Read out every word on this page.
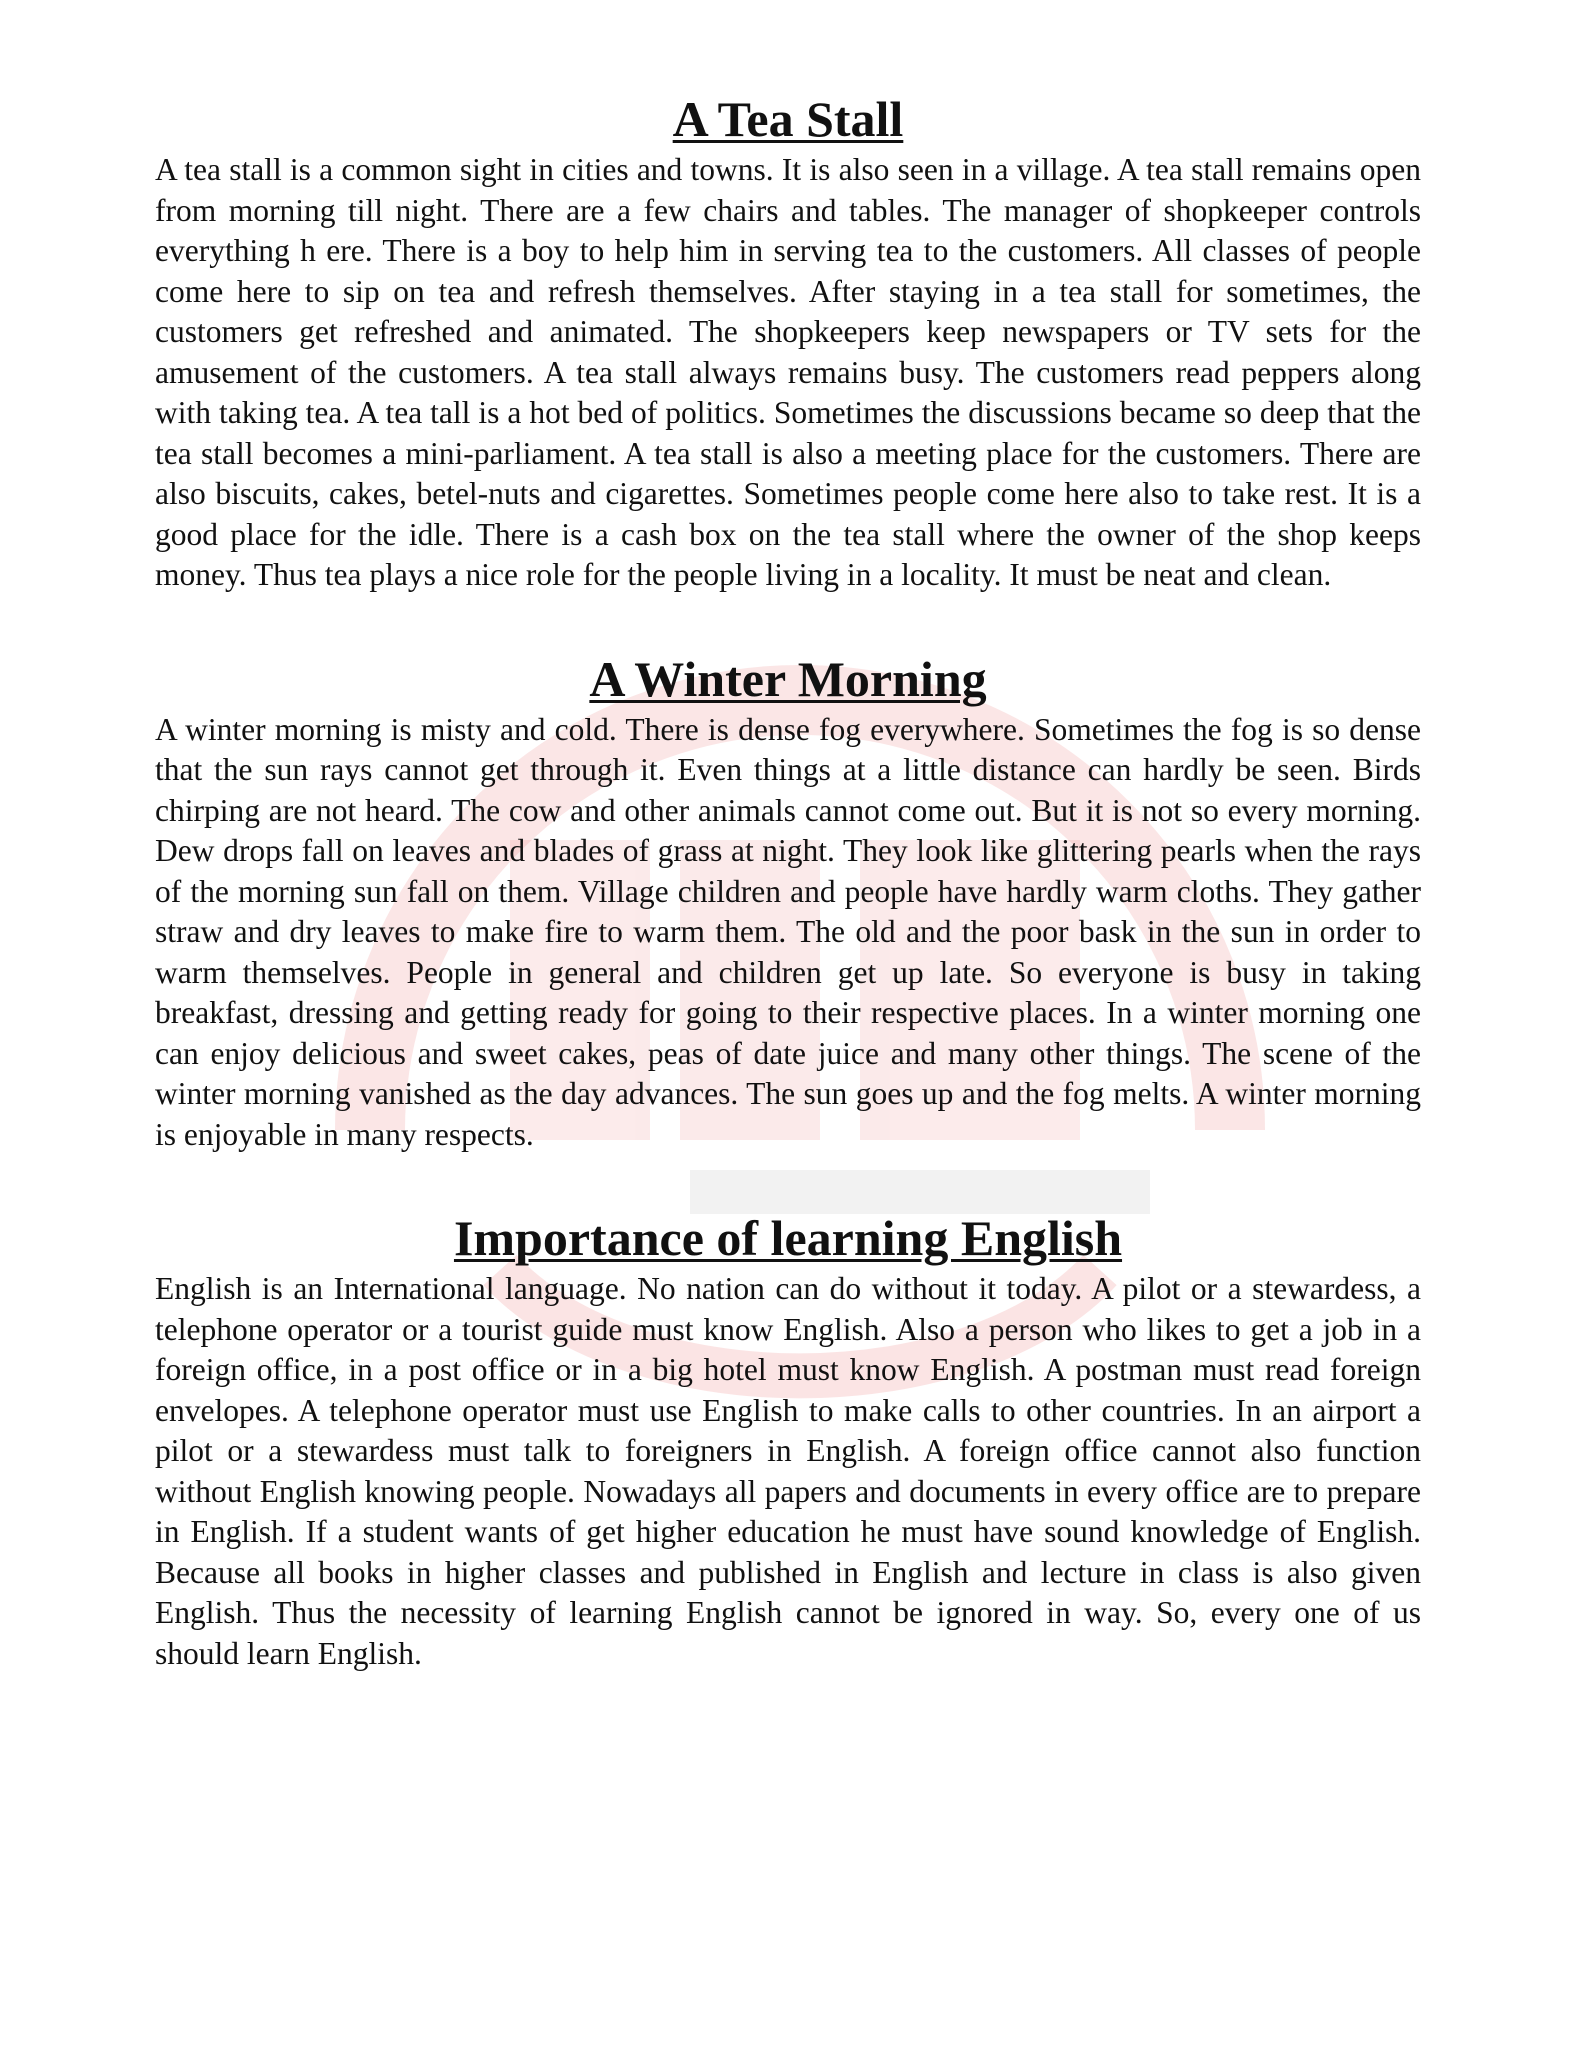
A Tea Stall

A tea stall is a common sight in cities and towns. It is also seen in a village. A tea stall remains open from morning till night. There are a few chairs and tables. The manager of shopkeeper controls everything h ere. There is a boy to help him in serving tea to the customers. All classes of people come here to sip on tea and refresh themselves. After staying in a tea stall for sometimes, the customers get refreshed and animated. The shopkeepers keep newspapers or TV sets for the amusement of the customers. A tea stall always remains busy. The customers read peppers along with taking tea. A tea tall is a hot bed of politics. Sometimes the discussions became so deep that the tea stall becomes a mini-parliament. A tea stall is also a meeting place for the customers. There are also biscuits, cakes, betel-nuts and cigarettes. Sometimes people come here also to take rest. It is a good place for the idle. There is a cash box on the tea stall where the owner of the shop keeps money. Thus tea plays a nice role for the people living in a locality. It must be neat and clean.

A Winter Morning

A winter morning is misty and cold. There is dense fog everywhere. Sometimes the fog is so dense that the sun rays cannot get through it. Even things at a little distance can hardly be seen. Birds chirping are not heard. The cow and other animals cannot come out. But it is not so every morning. Dew drops fall on leaves and blades of grass at night. They look like glittering pearls when the rays of the morning sun fall on them. Village children and people have hardly warm cloths. They gather straw and dry leaves to make fire to warm them. The old and the poor bask in the sun in order to warm themselves. People in general and children get up late. So everyone is busy in taking breakfast, dressing and getting ready for going to their respective places. In a winter morning one can enjoy delicious and sweet cakes, peas of date juice and many other things. The scene of the winter morning vanished as the day advances. The sun goes up and the fog melts. A winter morning is enjoyable in many respects.

Importance of learning English

English is an International language. No nation can do without it today. A pilot or a stewardess, a telephone operator or a tourist guide must know English. Also a person who likes to get a job in a foreign office, in a post office or in a big hotel must know English. A postman must read foreign envelopes. A telephone operator must use English to make calls to other countries. In an airport a pilot or a stewardess must talk to foreigners in English. A foreign office cannot also function without English knowing people. Nowadays all papers and documents in every office are to prepare in English. If a student wants of get higher education he must have sound knowledge of English. Because all books in higher classes and published in English and lecture in class is also given English. Thus the necessity of learning English cannot be ignored in way. So, every one of us should learn English.
